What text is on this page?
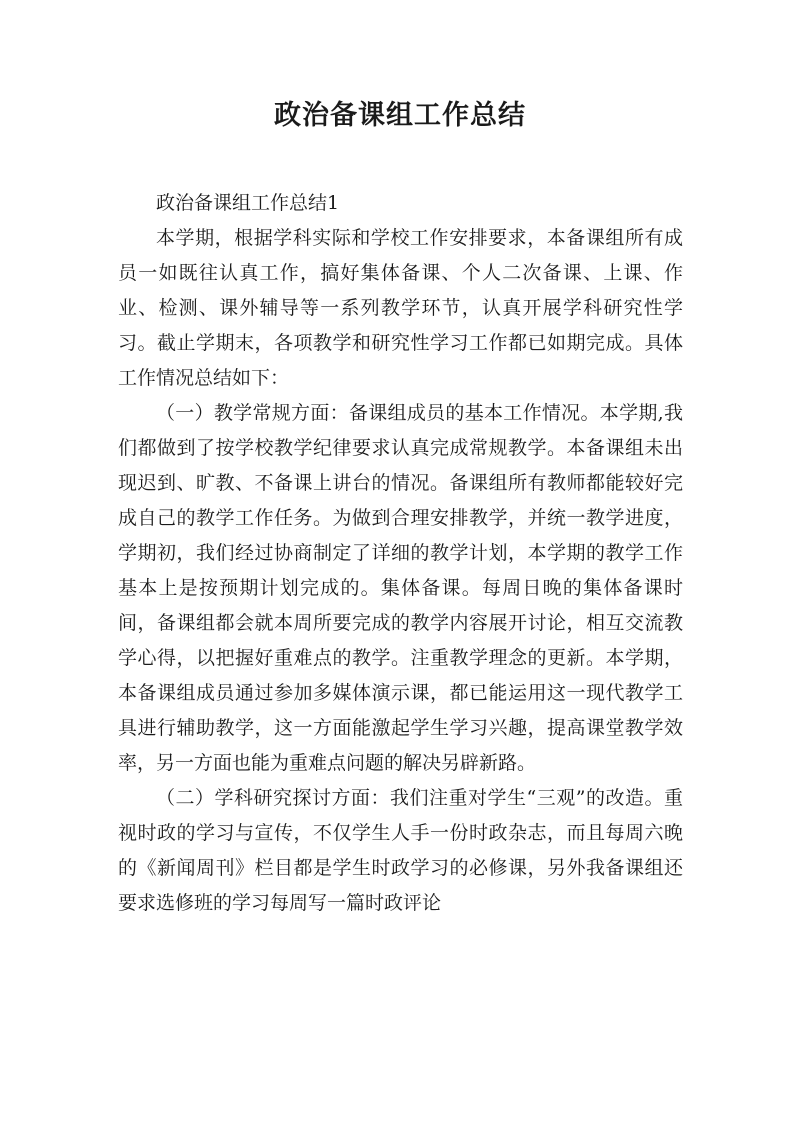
政治备课组工作总结

政治备课组工作总结1

本学期，根据学科实际和学校工作安排要求，本备课组所有成员一如既往认真工作，搞好集体备课、个人二次备课、上课、作业、检测、课外辅导等一系列教学环节，认真开展学科研究性学习。截止学期末，各项教学和研究性学习工作都已如期完成。具体工作情况总结如下：

（一）教学常规方面：备课组成员的基本工作情况。本学期,我们都做到了按学校教学纪律要求认真完成常规教学。本备课组未出现迟到、旷教、不备课上讲台的情况。备课组所有教师都能较好完成自己的教学工作任务。为做到合理安排教学，并统一教学进度，学期初，我们经过协商制定了详细的教学计划，本学期的教学工作基本上是按预期计划完成的。集体备课。每周日晚的集体备课时间，备课组都会就本周所要完成的教学内容展开讨论，相互交流教学心得，以把握好重难点的教学。注重教学理念的更新。本学期，本备课组成员通过参加多媒体演示课，都已能运用这一现代教学工具进行辅助教学，这一方面能激起学生学习兴趣，提高课堂教学效率，另一方面也能为重难点问题的解决另辟新路。

（二）学科研究探讨方面：我们注重对学生“三观”的改造。重视时政的学习与宣传，不仅学生人手一份时政杂志，而且每周六晚的《新闻周刊》栏目都是学生时政学习的必修课，另外我备课组还要求选修班的学习每周写一篇时政评论
